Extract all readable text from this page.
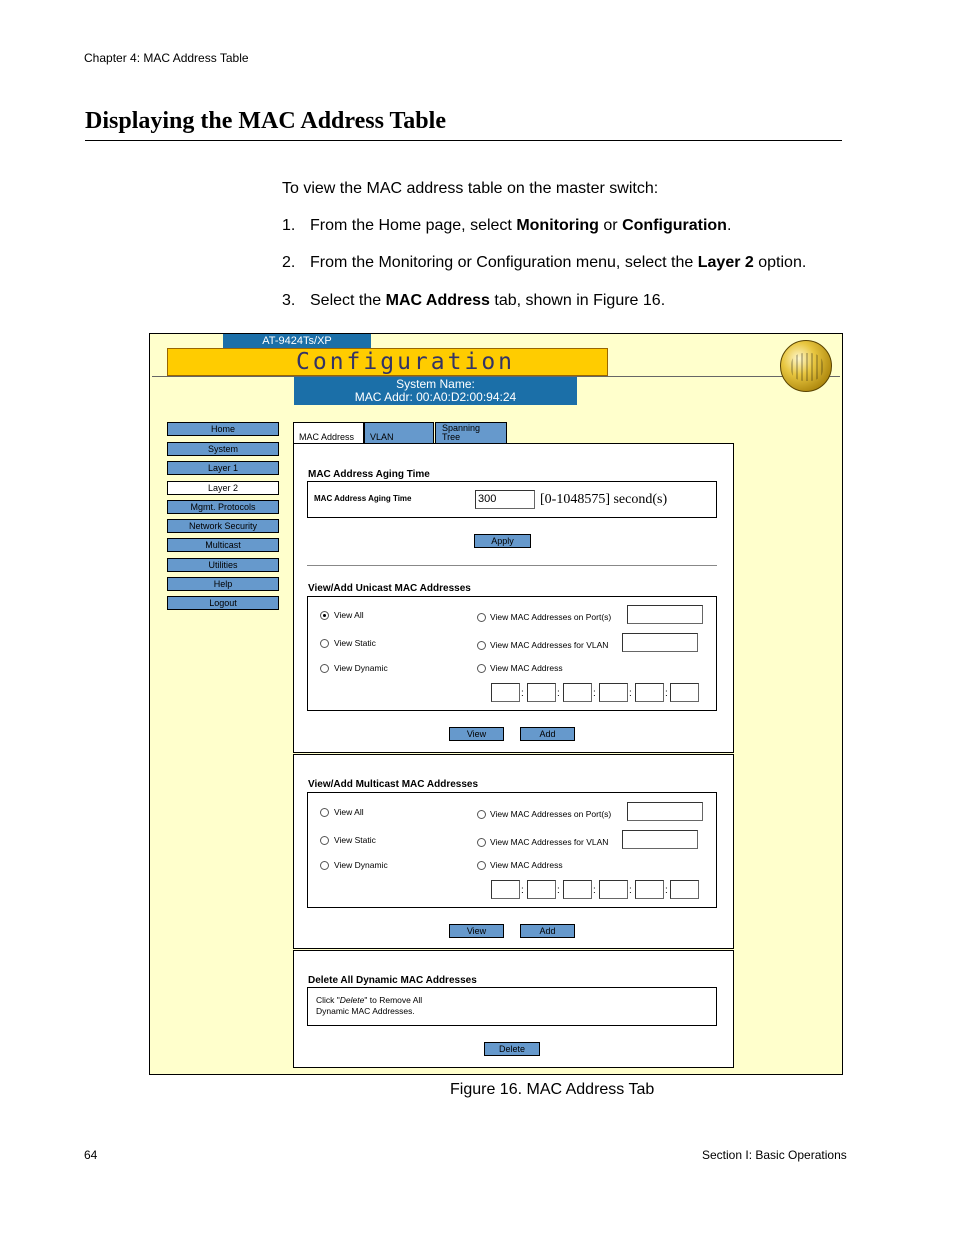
Chapter 4: MAC Address Table
Displaying the MAC Address Table
To view the MAC address table on the master switch:
1. From the Home page, select Monitoring or Configuration.
2. From the Monitoring or Configuration menu, select the Layer 2 option.
3. Select the MAC Address tab, shown in Figure 16.
AT-9424Ts/XP
Configuration
System Name:
MAC Addr: 00:A0:D2:00:94:24
Home
System
Layer 1
Layer 2
Mgmt. Protocols
Network Security
Multicast
Utilities
Help
Logout
MAC Address	VLAN
Spanning
Tree
MAC Address Aging Time
MAC Address Aging Time	300	[0-1048575] second(s)
Apply
View/Add Unicast MAC Addresses
View All
View Static
View Dynamic
View MAC Addresses on Port(s)
View MAC Addresses for VLAN
View MAC Address
:	:	:	:	:
View	Add
View/Add Multicast MAC Addresses
View All
View Static
View Dynamic
View MAC Addresses on Port(s)
View MAC Addresses for VLAN
View MAC Address
:	:	:	:	:
View	Add
Delete All Dynamic MAC Addresses
Click "Delete" to Remove All
Dynamic MAC Addresses.
Delete
Figure 16. MAC Address Tab
64	Section I: Basic Operations
